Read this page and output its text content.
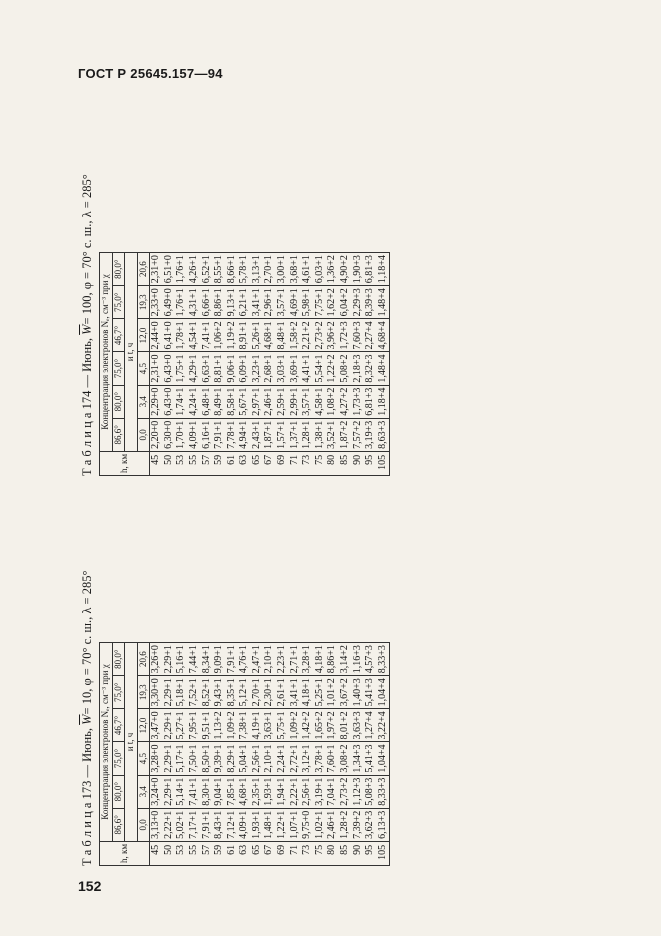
ГОСТ Р 25645.157—94
Т а б л и ц а 173 — Июнь, $\overline{W}= 10$, φ = 70° с. ш., λ = 285°
h, км	Концентрация электронов Nₑ, см⁻³ при χ					
	86,6°	80,0°	75,0°	46,7°	75,0°	80,0°
	и t, ч					
	0,0	3,4	4,5	12,0	19,3	20,6
45	3,13+0	3,24+0	3,28+0	3,47+0	3,30+0	3,26+0
50	2,22+1	2,29+1	2,29+1	2,29+1	2,29+1	2,29+1
53	5,02+1	5,14+1	5,17+1	5,27+1	5,18+1	5,16+1
55	7,17+1	7,41+1	7,50+1	7,95+1	7,52+1	7,44+1
57	7,91+1	8,30+1	8,50+1	9,51+1	8,52+1	8,34+1
59	8,43+1	9,04+1	9,39+1	1,13+2	9,43+1	9,09+1
61	7,12+1	7,85+1	8,29+1	1,09+2	8,35+1	7,91+1
63	4,09+1	4,68+1	5,04+1	7,38+1	5,12+1	4,76+1
65	1,93+1	2,35+1	2,56+1	4,19+1	2,70+1	2,47+1
67	1,48+1	1,93+1	2,10+1	3,63+1	2,30+1	2,10+1
69	1,22+1	1,94+1	2,24+1	5,75+1	2,61+1	2,23+1
71	1,07+1	2,22+1	2,72+1	1,09+2	3,41+1	2,71+1
73	9,75+0	2,56+1	3,12+1	1,42+2	4,18+1	3,28+1
75	1,02+1	3,19+1	3,78+1	1,65+2	5,25+1	4,18+1
80	2,46+1	7,04+1	7,60+1	1,97+2	1,01+2	8,86+1
85	1,28+2	2,73+2	3,08+2	8,01+2	3,67+2	3,14+2
90	7,39+2	1,12+3	1,34+3	3,63+3	1,40+3	1,16+3
95	3,62+3	5,08+3	5,41+3	1,27+4	5,41+3	4,57+3
105	6,13+3	8,33+3	1,04+4	3,22+4	1,04+4	8,33+3
Т а б л и ц а 174 — Июнь, $\overline{W}= 100$, φ = 70° с. ш., λ = 285°
h, км	Концентрация электронов Nₑ, см⁻³ при χ					
	86,6°	80,0°	75,0°	46,7°	75,0°	80,0°
	и t, ч					
	0,0	3,4	4,5	12,0	19,3	20,6
45	2,20+0	2,29+0	2,31+0	2,44+0	2,33+0	2,31+0
50	6,30+0	6,43+0	6,43+0	6,41+0	6,49+0	6,51+0
53	1,70+1	1,74+1	1,75+1	1,78+1	1,76+1	1,76+1
55	4,09+1	4,24+1	4,29+1	4,54+1	4,31+1	4,26+1
57	6,16+1	6,48+1	6,63+1	7,41+1	6,66+1	6,52+1
59	7,91+1	8,49+1	8,81+1	1,06+2	8,86+1	8,55+1
61	7,78+1	8,58+1	9,06+1	1,19+2	9,13+1	8,66+1
63	4,94+1	5,67+1	6,09+1	8,91+1	6,21+1	5,78+1
65	2,43+1	2,97+1	3,23+1	5,26+1	3,41+1	3,13+1
67	1,87+1	2,46+1	2,68+1	4,68+1	2,96+1	2,70+1
69	1,57+1	2,59+1	3,03+1	8,48+1	3,57+1	3,00+1
71	1,37+1	2,99+1	3,69+1	1,58+2	4,69+1	3,68+1
73	1,28+1	3,57+1	4,41+1	2,21+2	5,98+1	4,61+1
75	1,38+1	4,58+1	5,54+1	2,73+2	7,75+1	6,03+1
80	3,52+1	1,08+2	1,22+2	3,96+2	1,62+2	1,36+2
85	1,87+2	4,27+2	5,08+2	1,72+3	6,04+2	4,90+2
90	7,57+2	1,73+3	2,18+3	7,60+3	2,29+3	1,90+3
95	3,19+3	6,81+3	8,32+3	2,27+4	8,39+3	6,81+3
105	8,63+3	1,18+4	1,48+4	4,68+4	1,48+4	1,18+4
152
